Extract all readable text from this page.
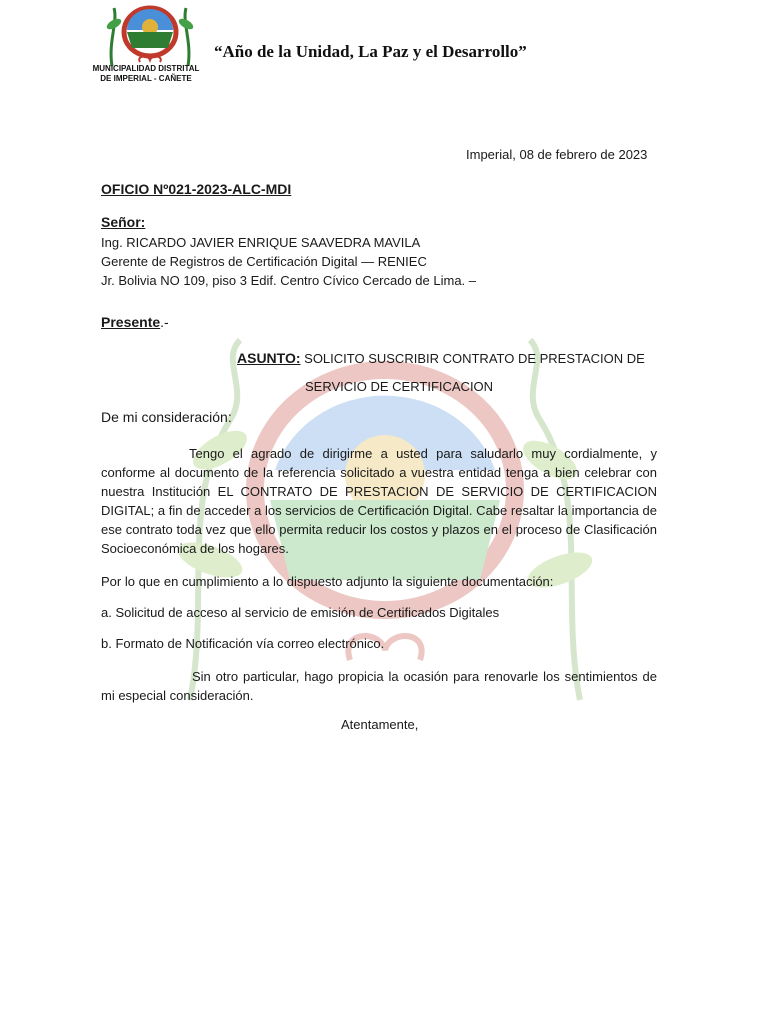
MUNICIPALIDAD DISTRITAL
DE IMPERIAL - CAÑETE
“Año de la Unidad, La Paz y el Desarrollo”
Imperial, 08 de febrero de 2023
OFICIO Nº021-2023-ALC-MDI
Señor:
Ing. RICARDO JAVIER ENRIQUE SAAVEDRA MAVILA
Gerente de Registros de Certificación Digital — RENIEC
Jr. Bolivia NO 109, piso 3 Edif. Centro Cívico Cercado de Lima. –
Presente.-
ASUNTO: SOLICITO SUSCRIBIR CONTRATO DE PRESTACION DE
SERVICIO DE CERTIFICACION
De mi consideración:
Tengo el agrado de dirigirme a usted para saludarlo muy cordialmente, y conforme al documento de la referencia solicitado a vuestra entidad tenga a bien celebrar con nuestra Institución EL CONTRATO DE PRESTACION DE SERVICIO DE CERTIFICACION DIGITAL; a fin de acceder a los servicios de Certificación Digital. Cabe resaltar la importancia de ese contrato toda vez que ello permita reducir los costos y plazos en el proceso de Clasificación Socioeconómica de los hogares.
Por lo que en cumplimiento a lo dispuesto adjunto la siguiente documentación:
a. Solicitud de acceso al servicio de emisión de Certificados Digitales
b. Formato de Notificación vía correo electrónico.
Sin otro particular, hago propicia la ocasión para renovarle los sentimientos de mi especial consideración.
Atentamente,
